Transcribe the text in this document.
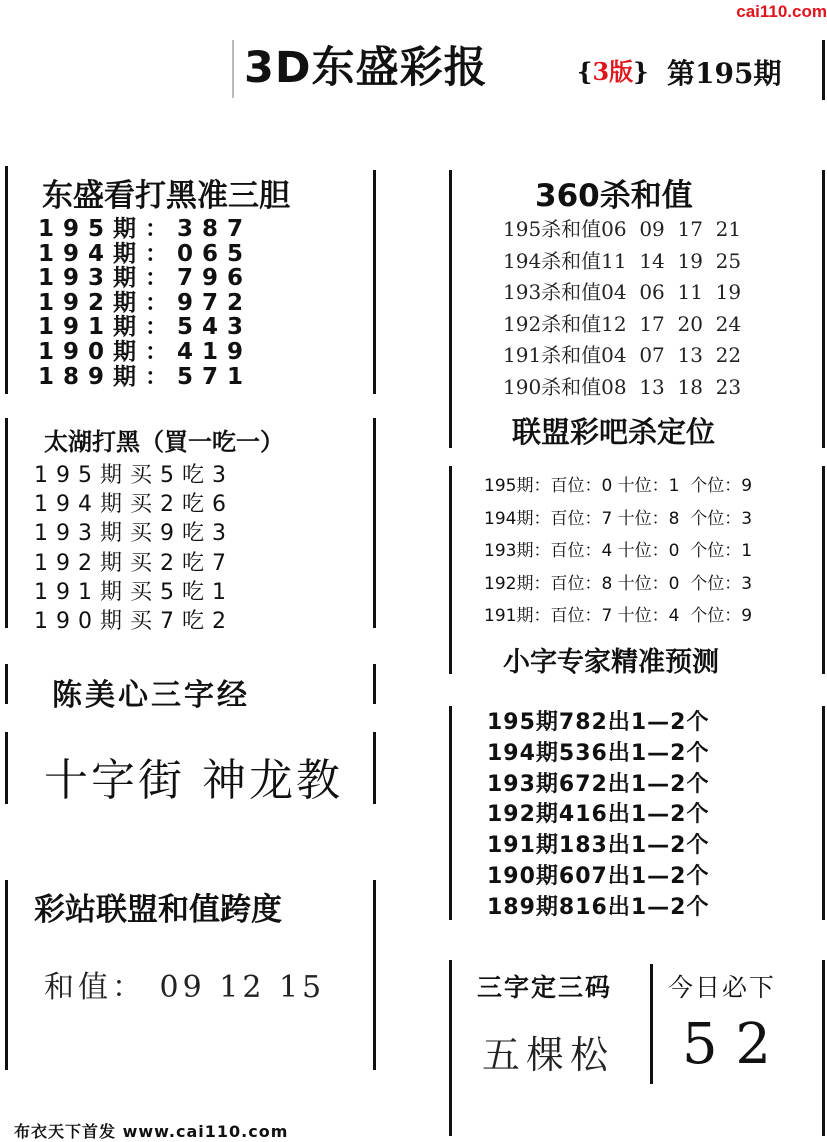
cai110.com
3D东盛彩报	{3版} 第195期
东盛看打黑准三胆
195期：387
194期：065
193期：796
192期：972
191期：543
190期：419
189期：571
太湖打黑（買一吃一）
195期买5吃3
194期买2吃6
193期买9吃3
192期买2吃7
191期买5吃1
190期买7吃2
陈美心三字经
十字街 神龙教
彩站联盟和值跨度
和值： 09 12 15
布衣天下首发 www.cai110.com
360杀和值
195杀和值06  09  17  21
194杀和值11  14  19  25
193杀和值04  06  11  19
192杀和值12  17  20  24
191杀和值04  07  13  22
190杀和值08  13  18  23
联盟彩吧杀定位
195期：百位：0 十位：1  个位：9
194期：百位：7 十位：8  个位：3
193期：百位：4 十位：0  个位：1
192期：百位：8 十位：0  个位：3
191期：百位：7 十位：4  个位：9
小字专家精准预测
195期782出1—2个
194期536出1—2个
193期672出1—2个
192期416出1—2个
191期183出1—2个
190期607出1—2个
189期816出1—2个
三字定三码
五棵松
今日必下
5 2
